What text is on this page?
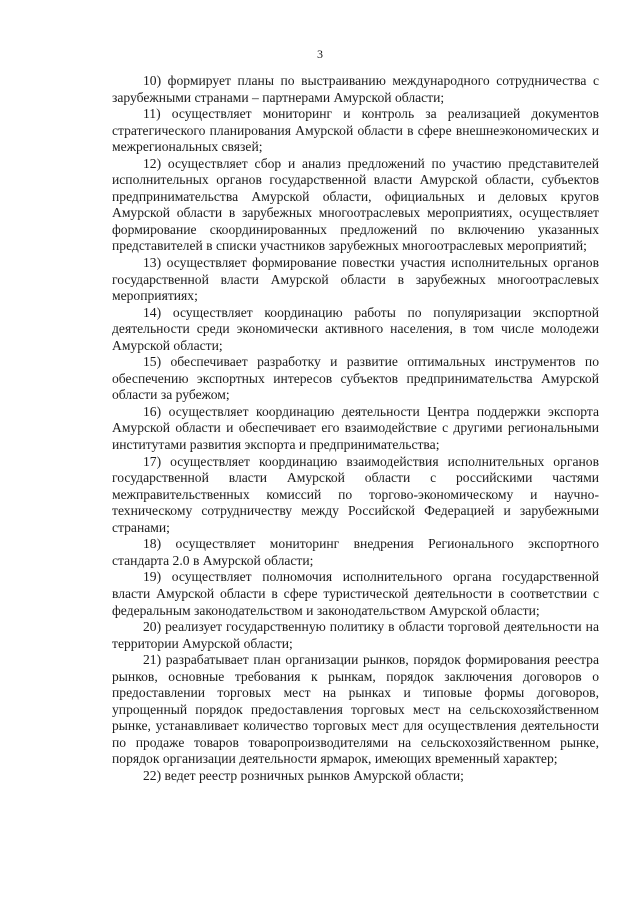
3

10) формирует планы по выстраиванию международного сотрудничества с зарубежными странами – партнерами Амурской области;

11) осуществляет мониторинг и контроль за реализацией документов стратегического планирования Амурской области в сфере внешнеэкономических и межрегиональных связей;

12) осуществляет сбор и анализ предложений по участию представителей исполнительных органов государственной власти Амурской области, субъектов предпринимательства Амурской области, официальных и деловых кругов Амурской области в зарубежных многоотраслевых мероприятиях, осуществляет формирование скоординированных предложений по включению указанных представителей в списки участников зарубежных многоотраслевых мероприятий;

13) осуществляет формирование повестки участия исполнительных органов государственной власти Амурской области в зарубежных многоотраслевых мероприятиях;

14) осуществляет координацию работы по популяризации экспортной деятельности среди экономически активного населения, в том числе молодежи Амурской области;

15) обеспечивает разработку и развитие оптимальных инструментов по обеспечению экспортных интересов субъектов предпринимательства Амурской области за рубежом;

16) осуществляет координацию деятельности Центра поддержки экспорта Амурской области и обеспечивает его взаимодействие с другими региональными институтами развития экспорта и предпринимательства;

17) осуществляет координацию взаимодействия исполнительных органов государственной власти Амурской области с российскими частями межправительственных комиссий по торгово-экономическому и научно-техническому сотрудничеству между Российской Федерацией и зарубежными странами;

18) осуществляет мониторинг внедрения Регионального экспортного стандарта 2.0 в Амурской области;

19) осуществляет полномочия исполнительного органа государственной власти Амурской области в сфере туристической деятельности в соответствии с федеральным законодательством и законодательством Амурской области;

20) реализует государственную политику в области торговой деятельности на территории Амурской области;

21) разрабатывает план организации рынков, порядок формирования реестра рынков, основные требования к рынкам, порядок заключения договоров о предоставлении торговых мест на рынках и типовые формы договоров, упрощенный порядок предоставления торговых мест на сельскохозяйственном рынке, устанавливает количество торговых мест для осуществления деятельности по продаже товаров товаропроизводителями на сельскохозяйственном рынке, порядок организации деятельности ярмарок, имеющих временный характер;

22) ведет реестр розничных рынков Амурской области;
